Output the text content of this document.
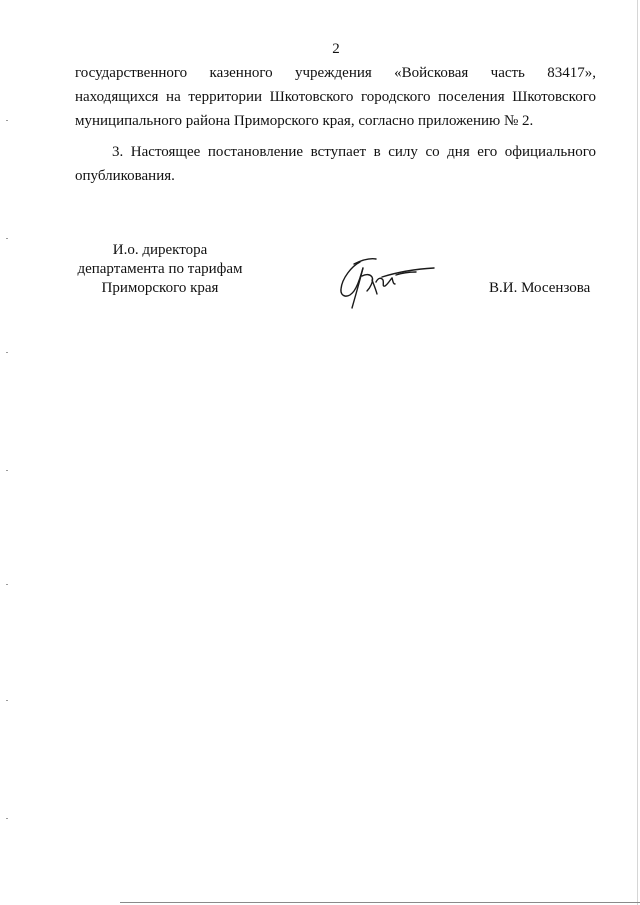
2
государственного казенного учреждения «Войсковая часть 83417»,
находящихся на территории Шкотовского городского поселения Шкотовского
муниципального района Приморского края, согласно приложению № 2.
3. Настоящее постановление вступает в силу со дня его официального
опубликования.
И.о. директора
департамента по тарифам
Приморского края	В.И. Мосензова
